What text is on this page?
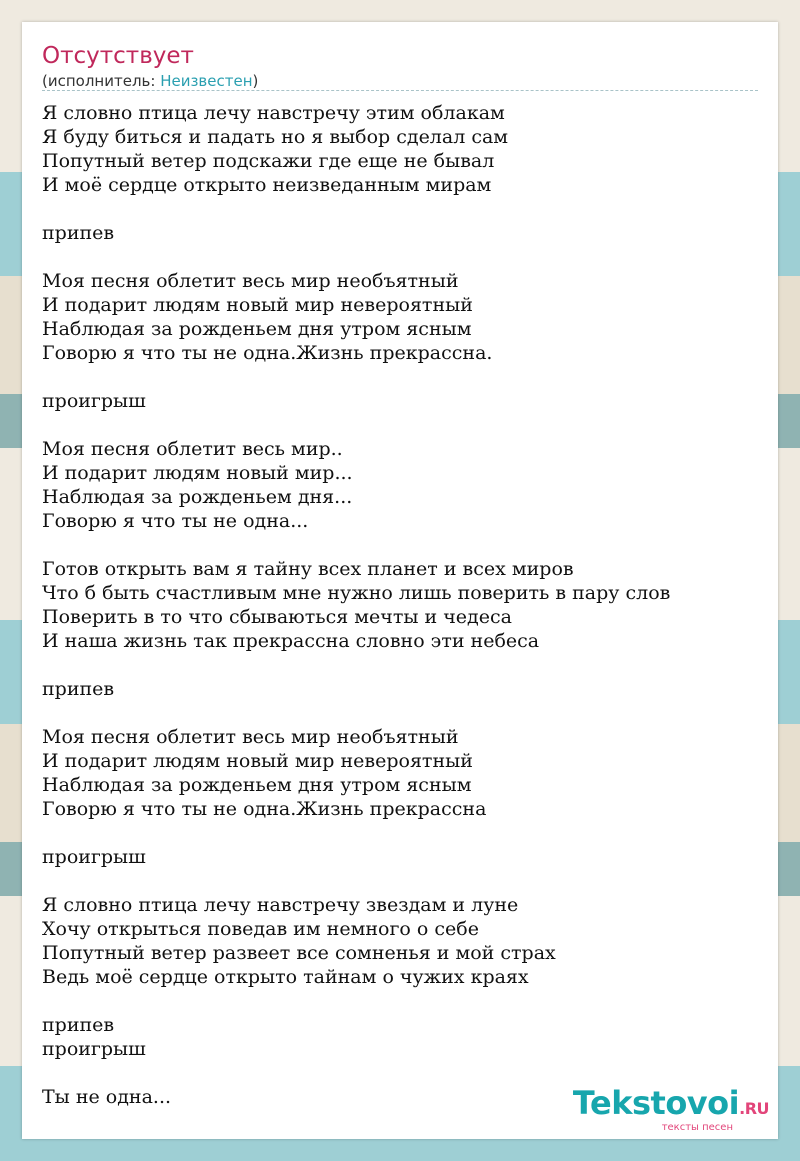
Отсутствует
(исполнитель: Неизвестен)
Я словно птица лечу навстречу этим облакам
Я буду биться и падать но я выбор сделал сам
Попутный ветер подскажи где еще не бывал
И моё сердце открыто неизведанным мирам
припев
Моя песня облетит весь мир необъятный
И подарит людям новый мир невероятный
Наблюдая за рожденьем дня утром ясным
Говорю я что ты не одна.Жизнь прекрассна.
проигрыш
Моя песня облетит весь мир..
И подарит людям новый мир...
Наблюдая за рожденьем дня...
Говорю я что ты не одна...
Готов открыть вам я тайну всех планет и всех миров
Что б быть счастливым мне нужно лишь поверить в пару слов
Поверить в то что сбываються мечты и чедеса
И наша жизнь так прекрассна словно эти небеса
припев
Моя песня облетит весь мир необъятный
И подарит людям новый мир невероятный
Наблюдая за рожденьем дня утром ясным
Говорю я что ты не одна.Жизнь прекрассна
проигрыш
Я словно птица лечу навстречу звездам и луне
Хочу открыться поведав им немного о себе
Попутный ветер развеет все сомненья и мой страх
Ведь моё сердце открыто тайнам о чужих краях
припев
проигрыш
Ты не одна...	Tekstovoi.RU
тексты песен
